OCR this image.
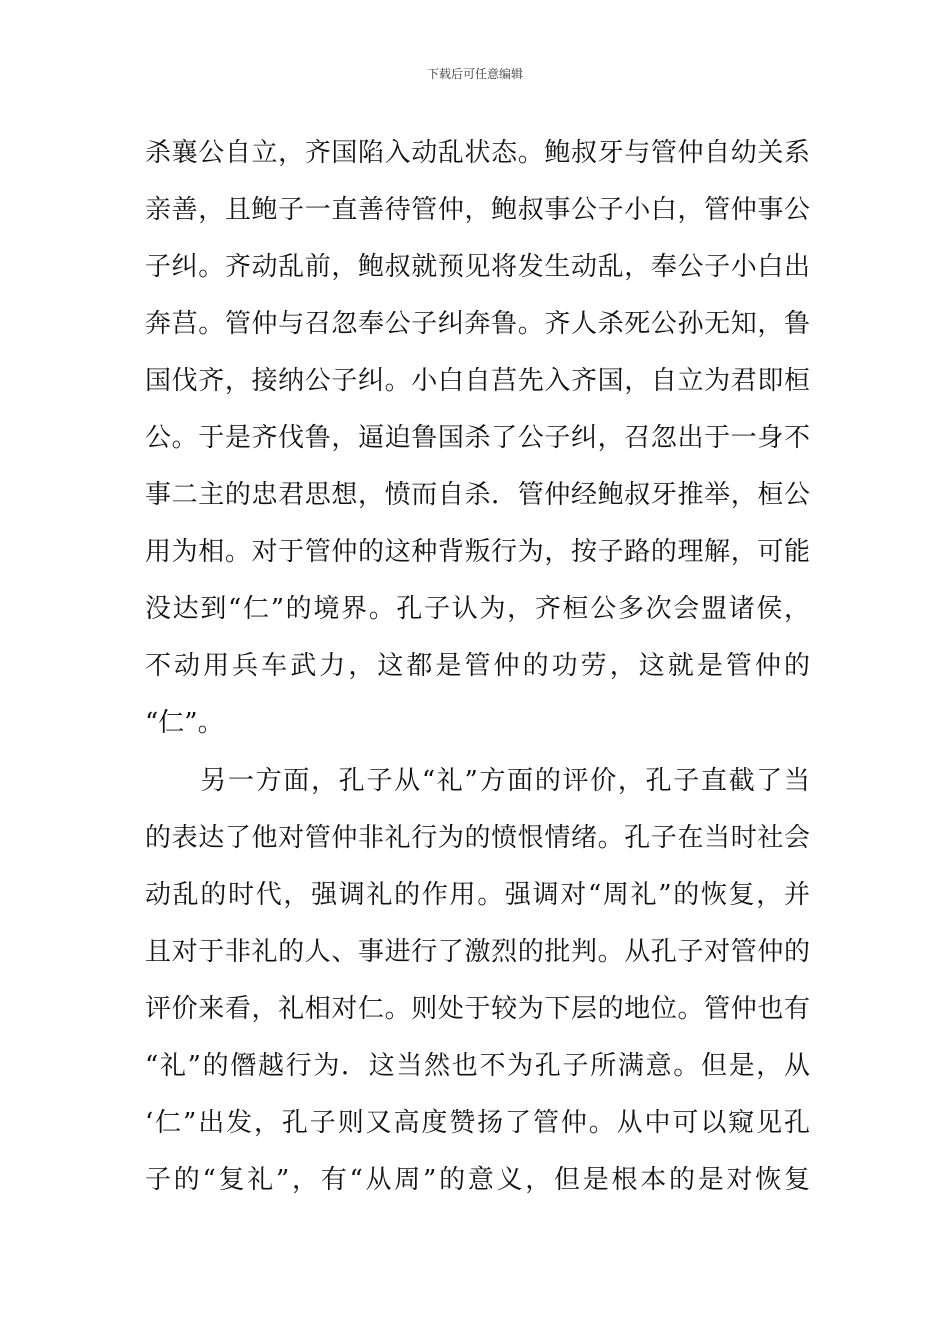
下载后可任意编辑
杀襄公自立，齐国陷入动乱状态。鲍叔牙与管仲自幼关系
亲善，且鲍子一直善待管仲，鲍叔事公子小白，管仲事公
子纠。齐动乱前，鲍叔就预见将发生动乱，奉公子小白出
奔莒。管仲与召忽奉公子纠奔鲁。齐人杀死公孙无知，鲁
国伐齐，接纳公子纠。小白自莒先入齐国，自立为君即桓
公。于是齐伐鲁，逼迫鲁国杀了公子纠，召忽出于一身不
事二主的忠君思想，愤而自杀．管仲经鲍叔牙推举，桓公
用为相。对于管仲的这种背叛行为，按子路的理解，可能
没达到“仁”的境界。孔子认为，齐桓公多次会盟诸侯，
不动用兵车武力，这都是管仲的功劳，这就是管仲的
“仁”。
　　另一方面，孔子从“礼”方面的评价，孔子直截了当
的表达了他对管仲非礼行为的愤恨情绪。孔子在当时社会
动乱的时代，强调礼的作用。强调对“周礼”的恢复，并
且对于非礼的人、事进行了激烈的批判。从孔子对管仲的
评价来看，礼相对仁。则处于较为下层的地位。管仲也有
“礼”的僭越行为．这当然也不为孔子所满意。但是，从
‘仁”出发，孔子则又高度赞扬了管仲。从中可以窥见孔
子的“复礼”，有“从周”的意义，但是根本的是对恢复
